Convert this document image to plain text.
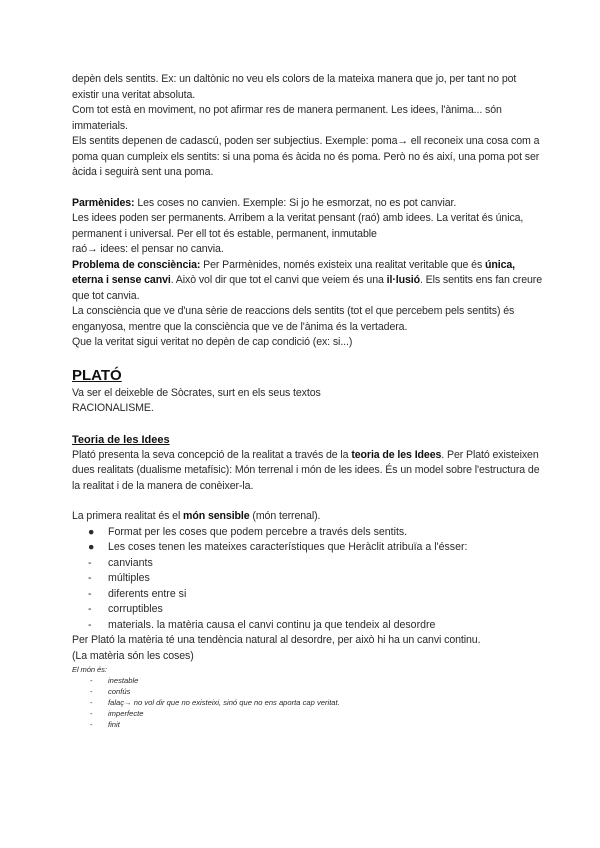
depèn dels sentits. Ex: un daltònic no veu els colors de la mateixa manera que jo, per tant no pot existir una veritat absoluta.

Com tot està en moviment, no pot afirmar res de manera permanent. Les idees, l'ànima... són immaterials.

Els sentits depenen de cadascú, poden ser subjectius. Exemple: poma→ ell reconeix una cosa com a poma quan cumpleix els sentits: si una poma és àcida no és poma. Però no és així, una poma pot ser àcida i seguirà sent una poma.

Parmènides: Les coses no canvien. Exemple: Si jo he esmorzat, no es pot canviar.

Les idees poden ser permanents. Arribem a la veritat pensant (raó) amb idees. La veritat és única, permanent i universal. Per ell tot és estable, permanent, inmutable

raó→ idees: el pensar no canvia.

Problema de consciència: Per Parmènides, només existeix una realitat veritable que és única, eterna i sense canvi. Això vol dir que tot el canvi que veiem és una il·lusió. Els sentits ens fan creure que tot canvia.

La consciència que ve d'una sèrie de reaccions dels sentits (tot el que percebem pels sentits) és enganyosa, mentre que la consciència que ve de l'ànima és la vertadera.

Que la veritat sigui veritat no depèn de cap condició (ex: si...)

PLATÓ

Va ser el deixeble de Sòcrates, surt en els seus textos

RACIONALISME.

Teoria de les Idees

Plató presenta la seva concepció de la realitat a través de la teoria de les Idees. Per Plató existeixen dues realitats (dualisme metafísic): Món terrenal i món de les idees. És un model sobre l'estructura de la realitat i de la manera de conèixer-la.

La primera realitat és el món sensible (món terrenal).

● Format per les coses que podem percebre a través dels sentits.
● Les coses tenen les mateixes característiques que Heràclit atribuïa a l'ésser:
- canviants
- múltiples
- diferents entre si
- corruptibles
- materials. la matèria causa el canvi continu ja que tendeix al desordre

Per Plató la matèria té una tendència natural al desordre, per això hi ha un canvi continu.

(La matèria són les coses)

El món és:

- inestable
- confús
- falaç→ no vol dir que no existeixi, sinó que no ens aporta cap veritat.
- imperfecte
- finit
